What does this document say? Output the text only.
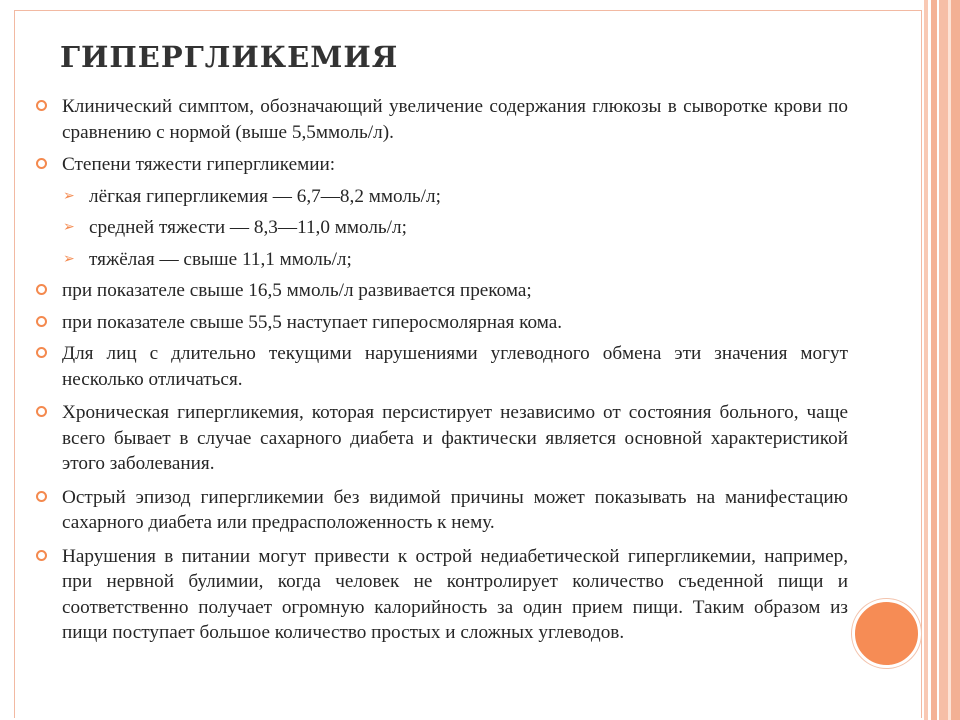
ГИПЕРГЛИКЕМИЯ
Клинический симптом, обозначающий увеличение содержания глюкозы в сыворотке крови по сравнению с нормой (выше 5,5ммоль/л).
Степени тяжести гипергликемии:
➢ лёгкая гипергликемия — 6,7—8,2 ммоль/л;
➢ средней тяжести — 8,3—11,0 ммоль/л;
➢ тяжёлая — свыше 11,1 ммоль/л;
при показателе свыше 16,5 ммоль/л развивается прекома;
при показателе свыше 55,5 наступает гиперосмолярная кома.
Для лиц с длительно текущими нарушениями углеводного обмена эти значения могут несколько отличаться.
Хроническая гипергликемия, которая персистирует независимо от состояния больного, чаще всего бывает в случае сахарного диабета и фактически является основной характеристикой этого заболевания.
Острый эпизод гипергликемии без видимой причины может показывать на манифестацию сахарного диабета или предрасположенность к нему.
Нарушения в питании могут привести к острой недиабетической гипергликемии, например, при нервной булимии, когда человек не контролирует количество съеденной пищи и соответственно получает огромную калорийность за один прием пищи. Таким образом из пищи поступает большое количество простых и сложных углеводов.
